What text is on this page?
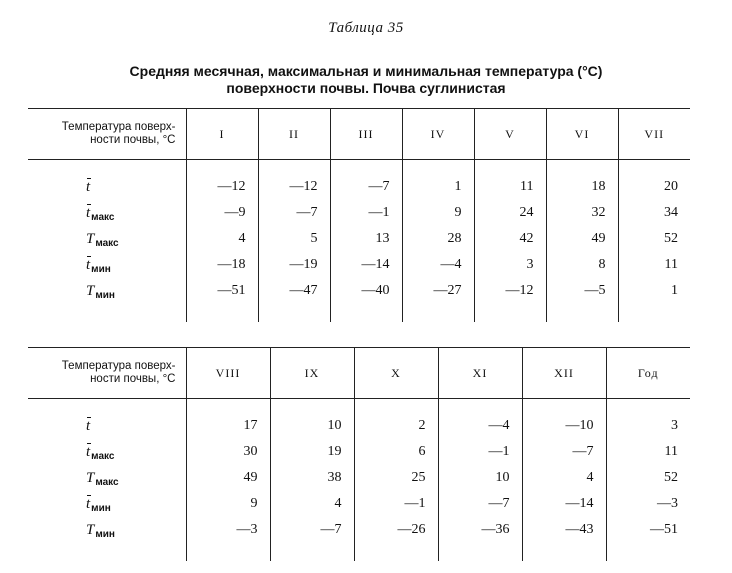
Таблица 35
Средняя месячная, максимальная и минимальная температура (°С)
поверхности почвы. Почва суглинистая
Температура поверх-
ности почвы, °С	I	II	III	IV	V	VI	VII

t	—12	—12	—7	1	11	18	20
$t_{макс}$	—9	—7	—1	9	24	32	34
$T_{макс}$	4	5	13	28	42	49	52
$t_{мин}$	—18	—19	—14	—4	3	8	11
$T_{мин}$	—51	—47	—40	—27	—12	—5	1

Температура поверх-
ности почвы, °С	VIII	IX	X	XI	XII	Год

t	17	10	2	—4	—10	3
$t_{макс}$	30	19	6	—1	—7	11
$T_{макс}$	49	38	25	10	4	52
$t_{мин}$	9	4	—1	—7	—14	—3
$T_{мин}$	—3	—7	—26	—36	—43	—51
